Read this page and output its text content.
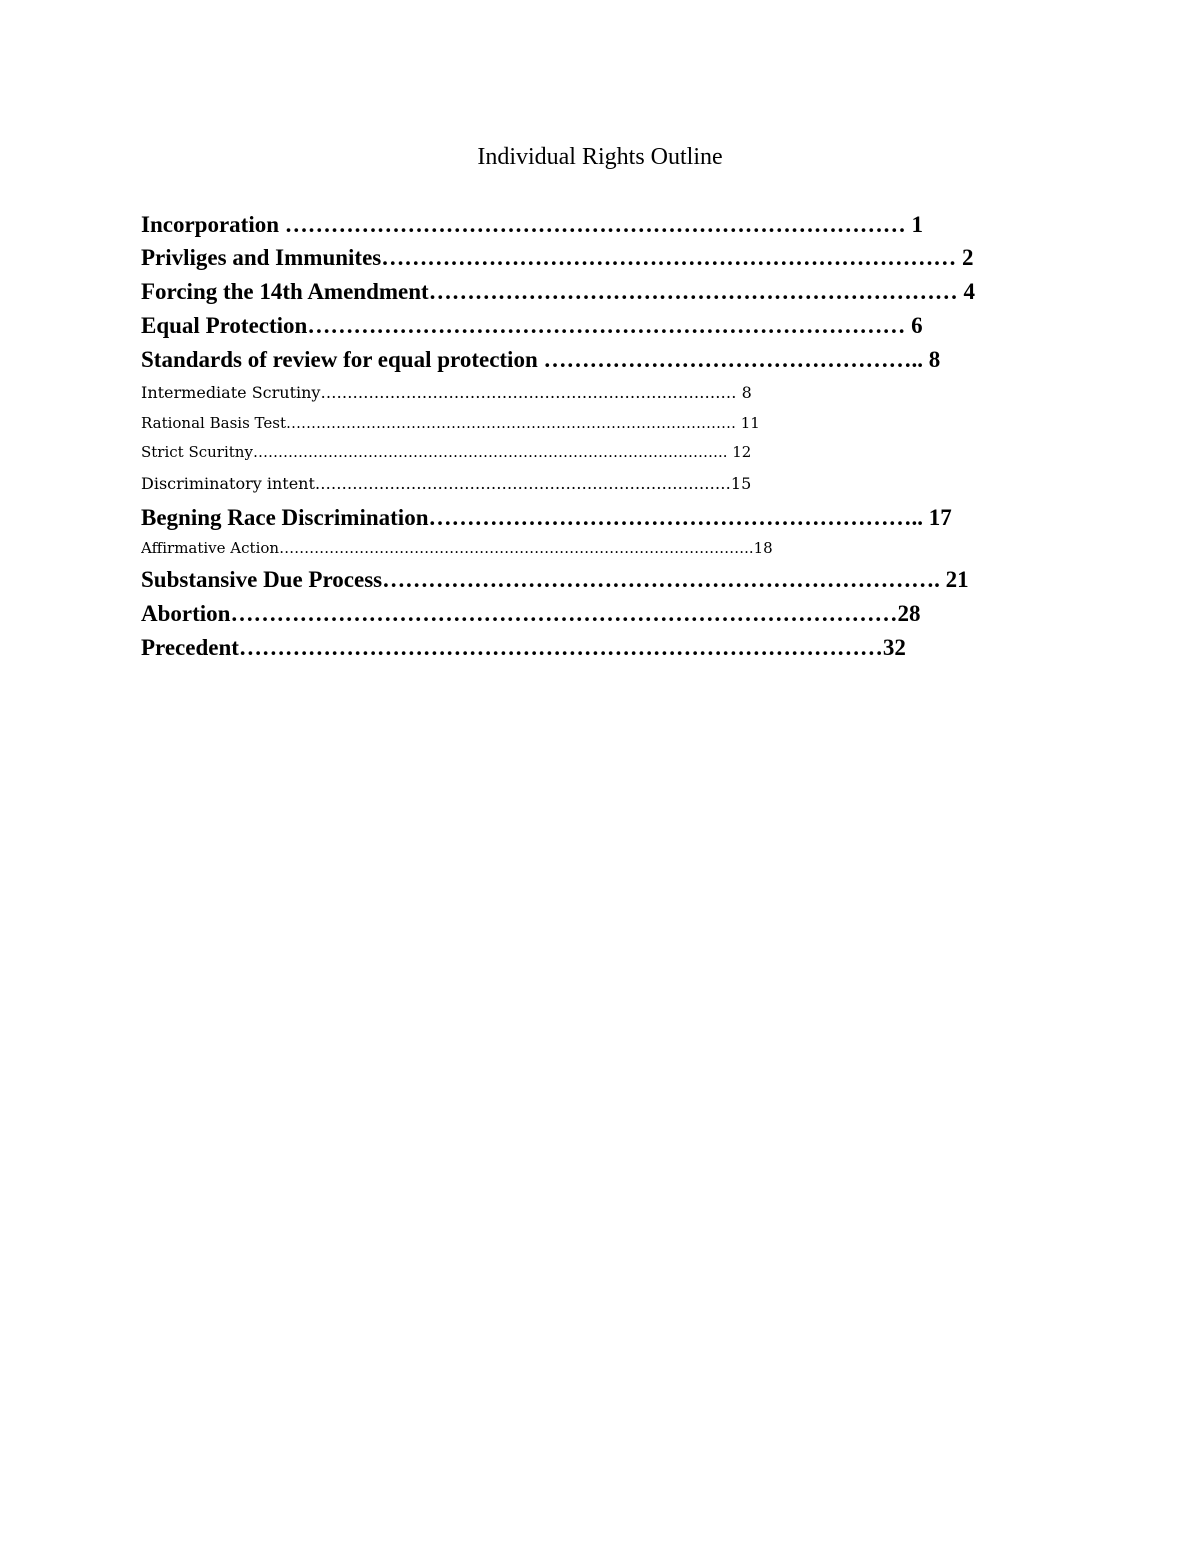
Individual Rights Outline
Incorporation ……………………………………………………………………… 1
Privliges and Immunites………………………………………………………………… 2
Forcing the 14th Amendment…………………………………………………………… 4
Equal Protection…………………………………………………………………… 6
Standards of review for equal protection ………………………………………….. 8
Intermediate Scrutiny…………………………………………………………………… 8
Rational Basis Test……………………………………………………………………………… 11
Strict Scuritny………………………………………………………………………………….. 12
Discriminatory intent……………………………………………………………………15
Begning Race Discrimination……………………………………………………….. 17
Affirmative Action…………………………………………………………………………………..18
Substansive Due Process………………………………………………………………. 21
Abortion……………………………………………………………………………28
Precedent…………………………………………………………………………32
